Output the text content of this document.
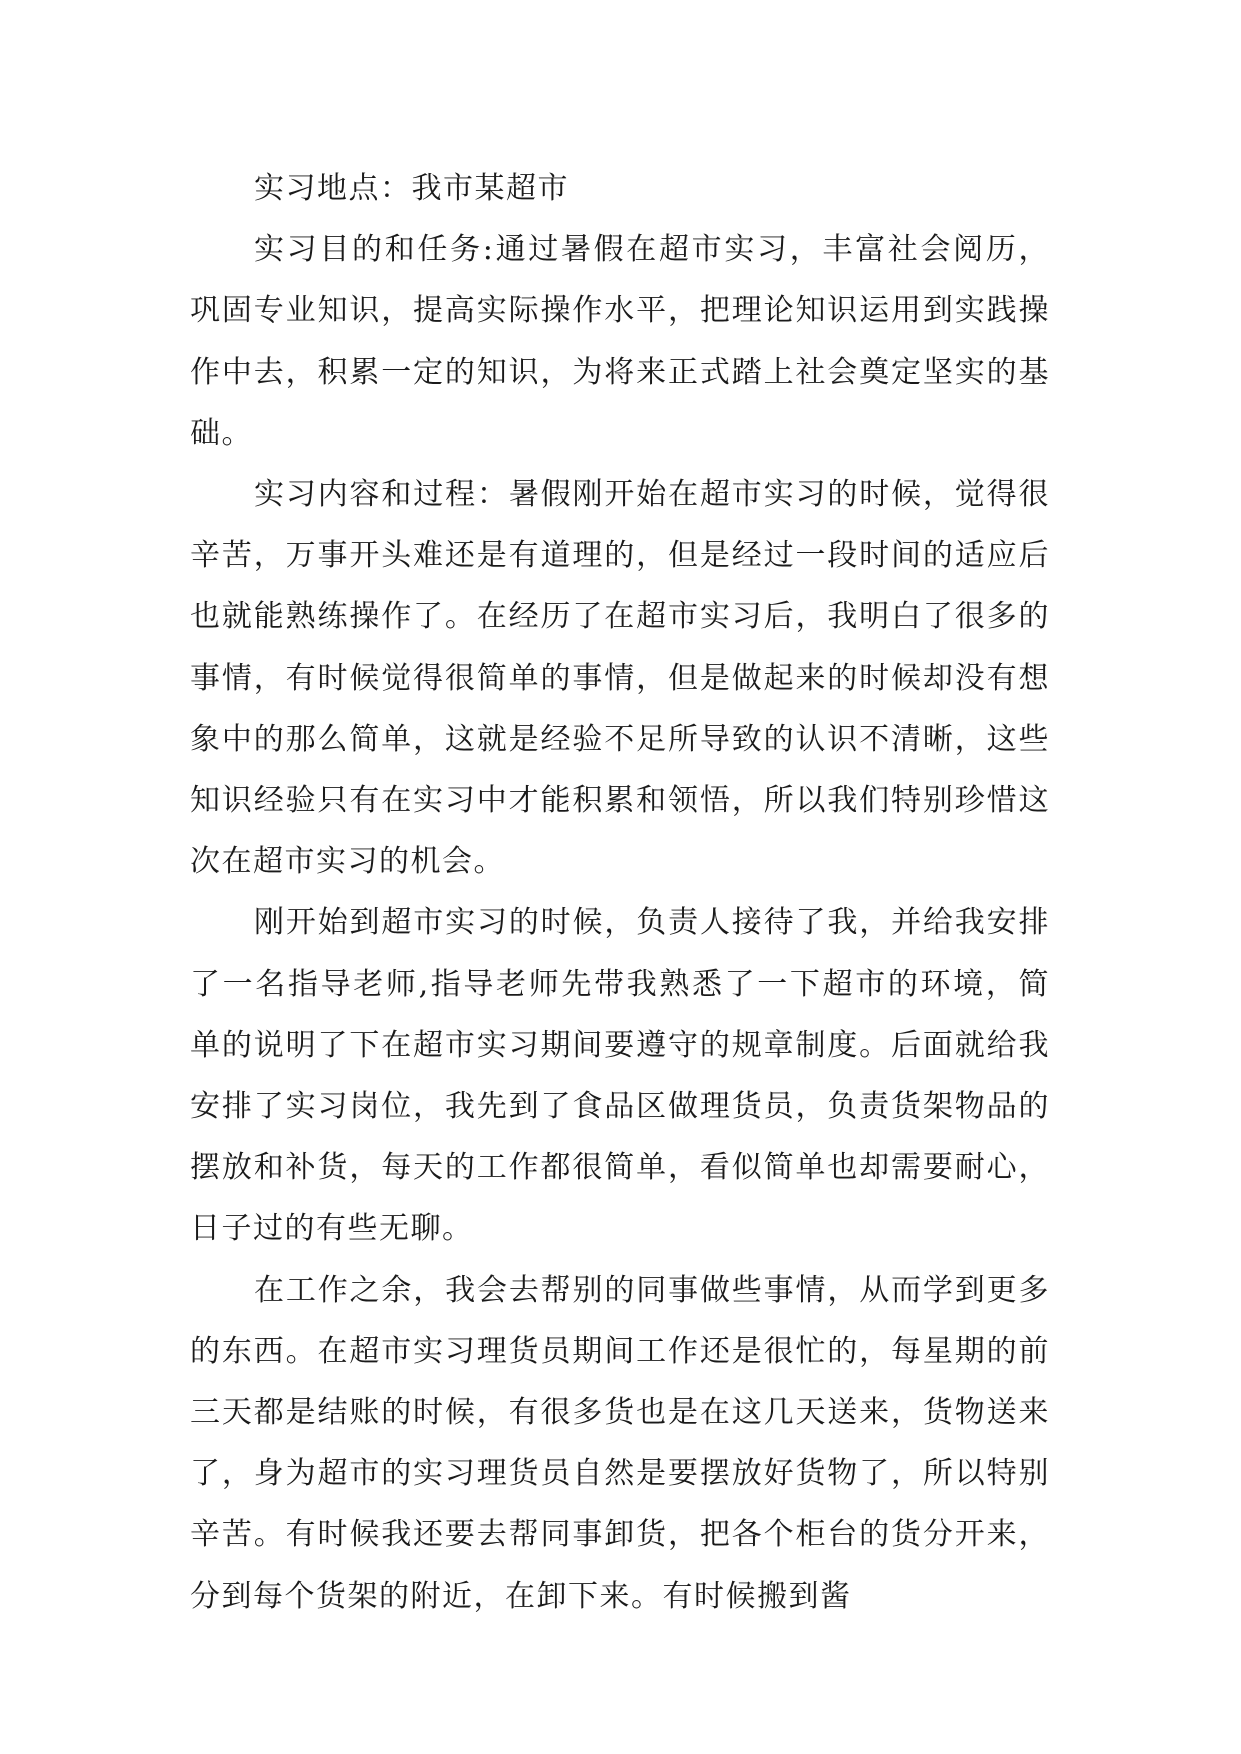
实习地点：我市某超市

实习目的和任务:通过暑假在超市实习，丰富社会阅历，巩固专业知识，提高实际操作水平，把理论知识运用到实践操作中去，积累一定的知识，为将来正式踏上社会奠定坚实的基础。

实习内容和过程：暑假刚开始在超市实习的时候，觉得很辛苦，万事开头难还是有道理的，但是经过一段时间的适应后也就能熟练操作了。在经历了在超市实习后，我明白了很多的事情，有时候觉得很简单的事情，但是做起来的时候却没有想象中的那么简单，这就是经验不足所导致的认识不清晰，这些知识经验只有在实习中才能积累和领悟，所以我们特别珍惜这次在超市实习的机会。

刚开始到超市实习的时候，负责人接待了我，并给我安排了一名指导老师,指导老师先带我熟悉了一下超市的环境，简单的说明了下在超市实习期间要遵守的规章制度。后面就给我安排了实习岗位，我先到了食品区做理货员，负责货架物品的摆放和补货，每天的工作都很简单，看似简单也却需要耐心，日子过的有些无聊。

在工作之余，我会去帮别的同事做些事情，从而学到更多的东西。在超市实习理货员期间工作还是很忙的，每星期的前三天都是结账的时候，有很多货也是在这几天送来，货物送来了，身为超市的实习理货员自然是要摆放好货物了，所以特别辛苦。有时候我还要去帮同事卸货，把各个柜台的货分开来，分到每个货架的附近，在卸下来。有时候搬到酱
